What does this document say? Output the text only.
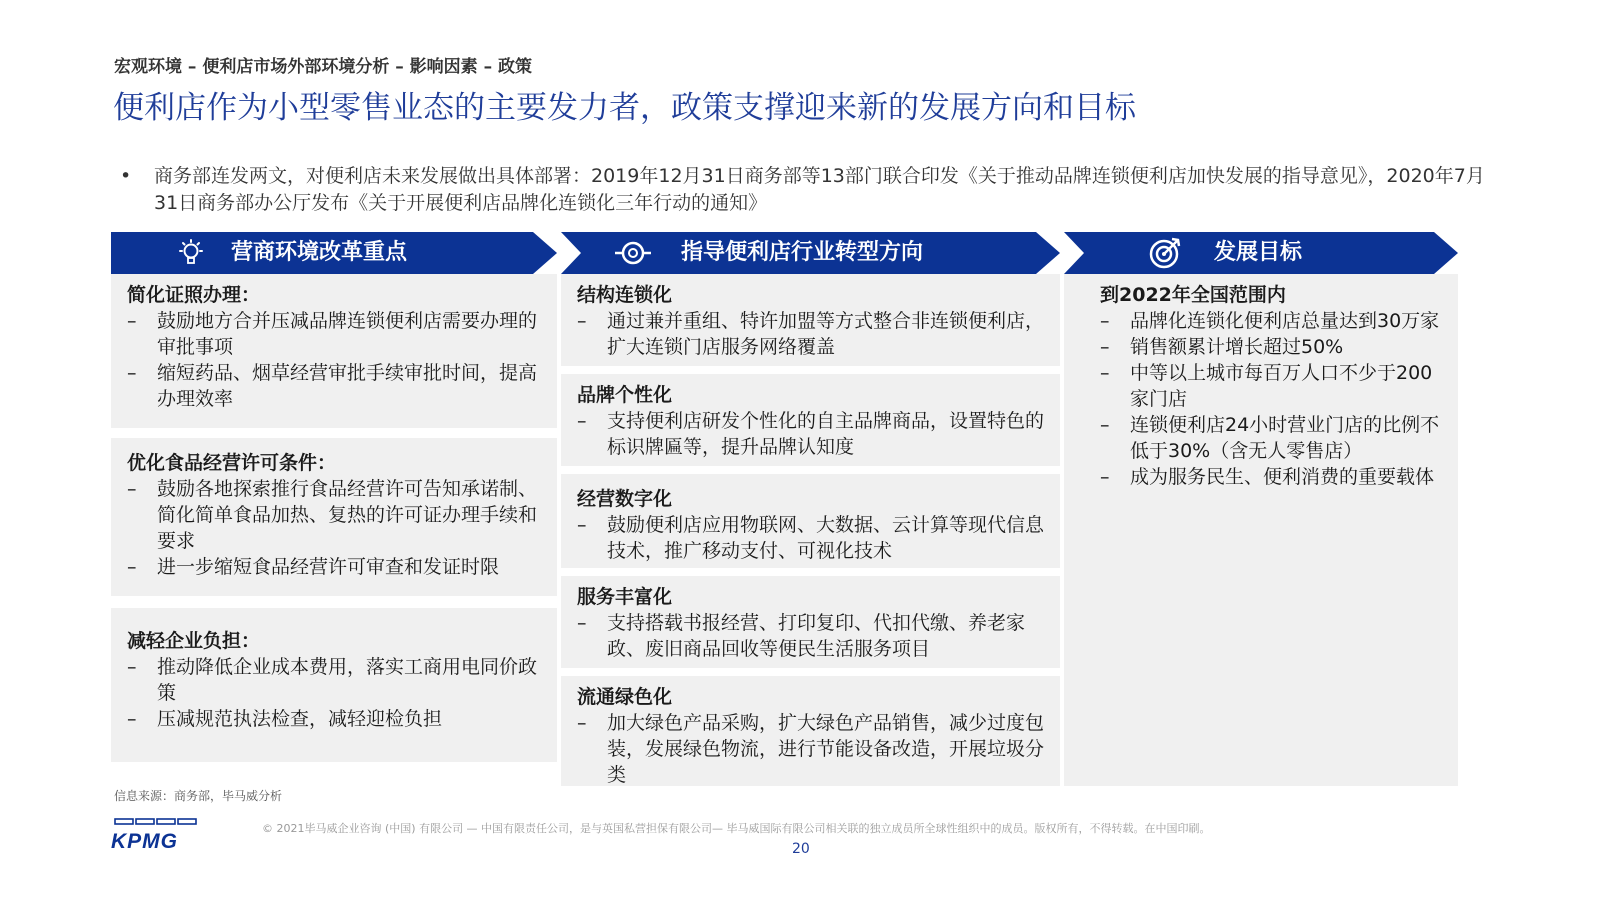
宏观环境 – 便利店市场外部环境分析 – 影响因素 – 政策
便利店作为小型零售业态的主要发力者，政策支撑迎来新的发展方向和目标
• 商务部连发两文，对便利店未来发展做出具体部署：2019年12月31日商务部等13部门联合印发《关于推动品牌连锁便利店加快发展的指导意见》，2020年7月31日商务部办公厅发布《关于开展便利店品牌化连锁化三年行动的通知》
营商环境改革重点
简化证照办理：
– 鼓励地方合并压减品牌连锁便利店需要办理的审批事项
– 缩短药品、烟草经营审批手续审批时间，提高办理效率
优化食品经营许可条件：
– 鼓励各地探索推行食品经营许可告知承诺制、简化简单食品加热、复热的许可证办理手续和要求
– 进一步缩短食品经营许可审查和发证时限
减轻企业负担：
– 推动降低企业成本费用，落实工商用电同价政策
– 压减规范执法检查，减轻迎检负担
指导便利店行业转型方向
结构连锁化
– 通过兼并重组、特许加盟等方式整合非连锁便利店，扩大连锁门店服务网络覆盖
品牌个性化
– 支持便利店研发个性化的自主品牌商品，设置特色的标识牌匾等，提升品牌认知度
经营数字化
– 鼓励便利店应用物联网、大数据、云计算等现代信息技术，推广移动支付、可视化技术
服务丰富化
– 支持搭载书报经营、打印复印、代扣代缴、养老家政、废旧商品回收等便民生活服务项目
流通绿色化
– 加大绿色产品采购，扩大绿色产品销售，减少过度包装，发展绿色物流，进行节能设备改造，开展垃圾分类
发展目标
到2022年全国范围内
– 品牌化连锁化便利店总量达到30万家
– 销售额累计增长超过50%
– 中等以上城市每百万人口不少于200家门店
– 连锁便利店24小时营业门店的比例不低于30%（含无人零售店）
– 成为服务民生、便利消费的重要载体
信息来源：商务部，毕马威分析
KPMG
© 2021毕马威企业咨询 (中国) 有限公司 — 中国有限责任公司，是与英国私营担保有限公司— 毕马威国际有限公司相关联的独立成员所全球性组织中的成员。版权所有，不得转载。在中国印刷。
20
